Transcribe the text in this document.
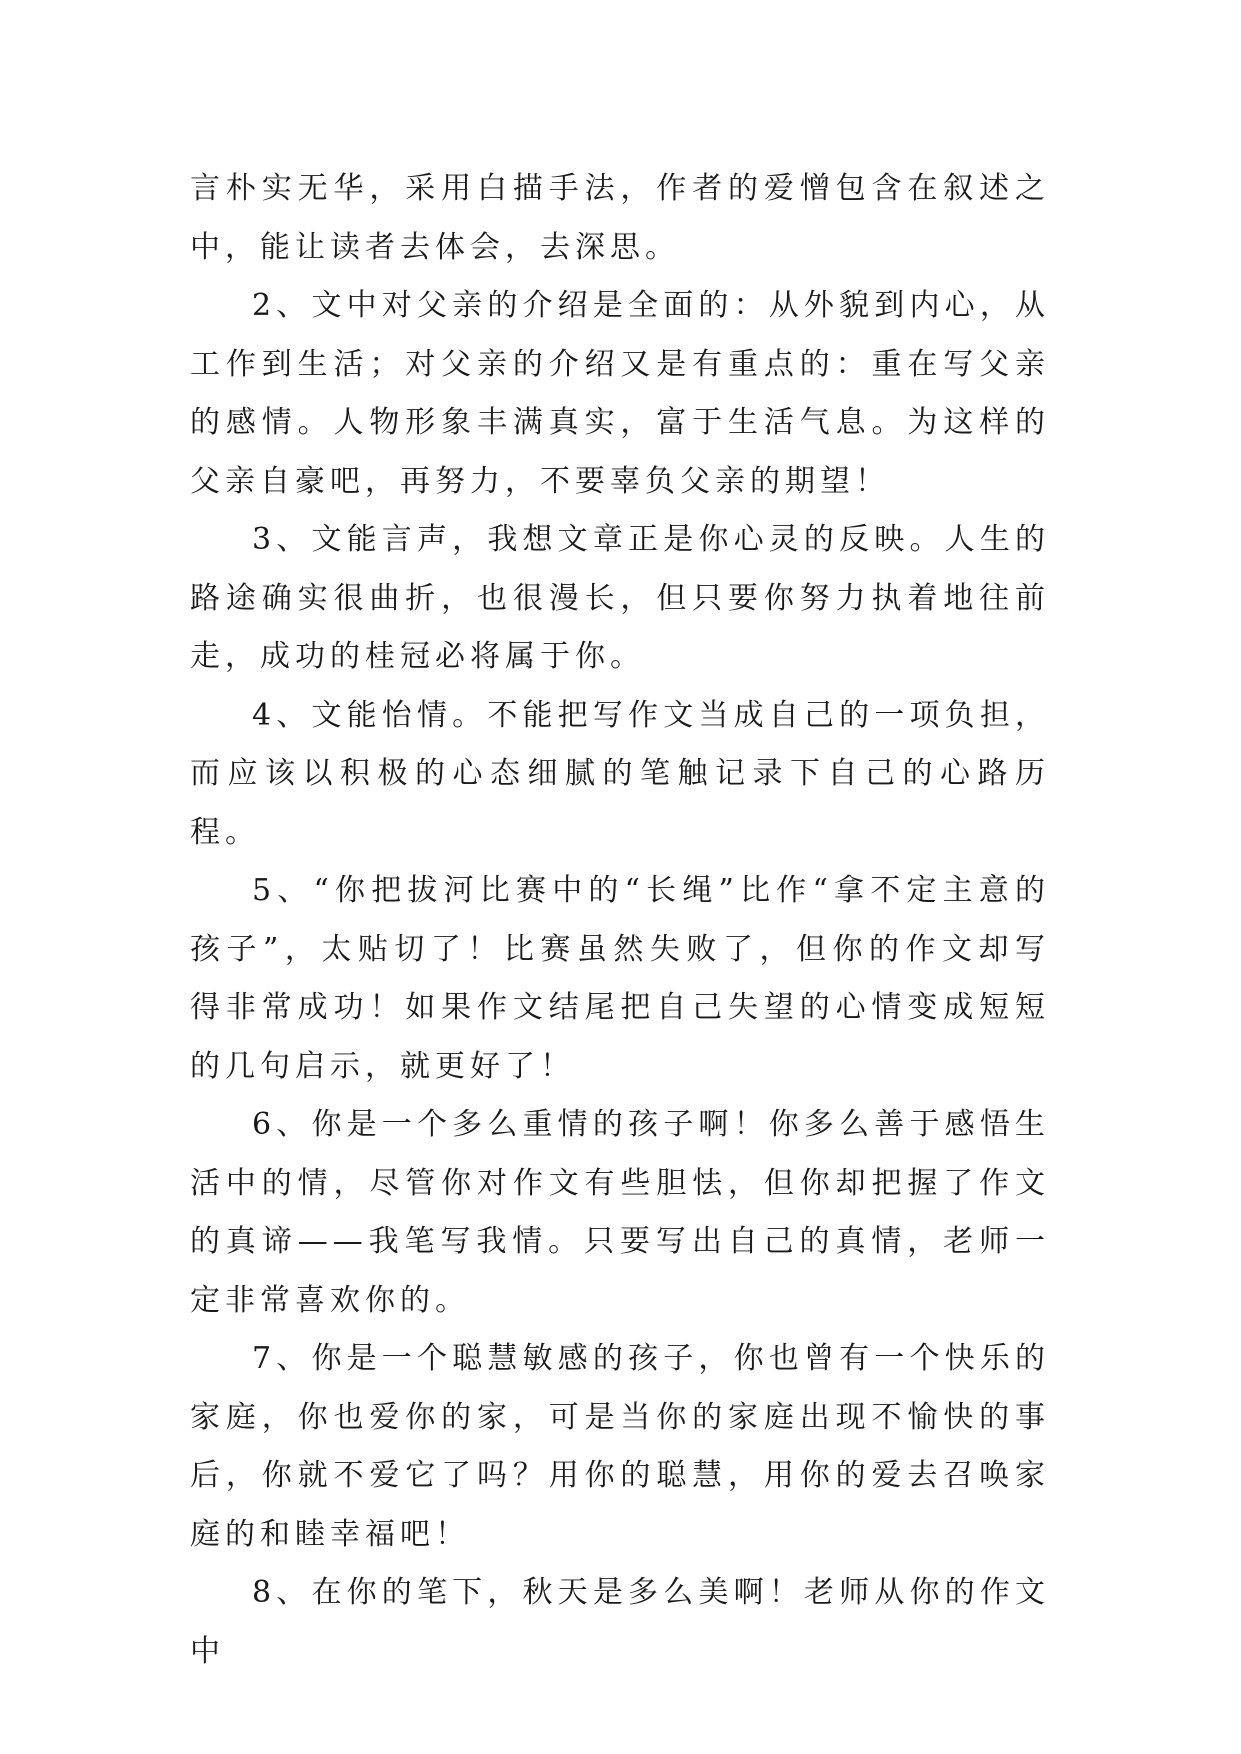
言朴实无华，采用白描手法，作者的爱憎包含在叙述之中，能让读者去体会，去深思。

2、文中对父亲的介绍是全面的：从外貌到内心，从工作到生活；对父亲的介绍又是有重点的：重在写父亲的感情。人物形象丰满真实，富于生活气息。为这样的父亲自豪吧，再努力，不要辜负父亲的期望！

3、文能言声，我想文章正是你心灵的反映。人生的路途确实很曲折，也很漫长，但只要你努力执着地往前走，成功的桂冠必将属于你。

4、文能怡情。不能把写作文当成自己的一项负担，而应该以积极的心态细腻的笔触记录下自己的心路历程。

5、“你把拔河比赛中的“长绳”比作“拿不定主意的孩子”，太贴切了！比赛虽然失败了，但你的作文却写得非常成功！如果作文结尾把自己失望的心情变成短短的几句启示，就更好了！

6、你是一个多么重情的孩子啊！你多么善于感悟生活中的情，尽管你对作文有些胆怯，但你却把握了作文的真谛——我笔写我情。只要写出自己的真情，老师一定非常喜欢你的。

7、你是一个聪慧敏感的孩子，你也曾有一个快乐的家庭，你也爱你的家，可是当你的家庭出现不愉快的事后，你就不爱它了吗？用你的聪慧，用你的爱去召唤家庭的和睦幸福吧！

8、在你的笔下，秋天是多么美啊！老师从你的作文中
